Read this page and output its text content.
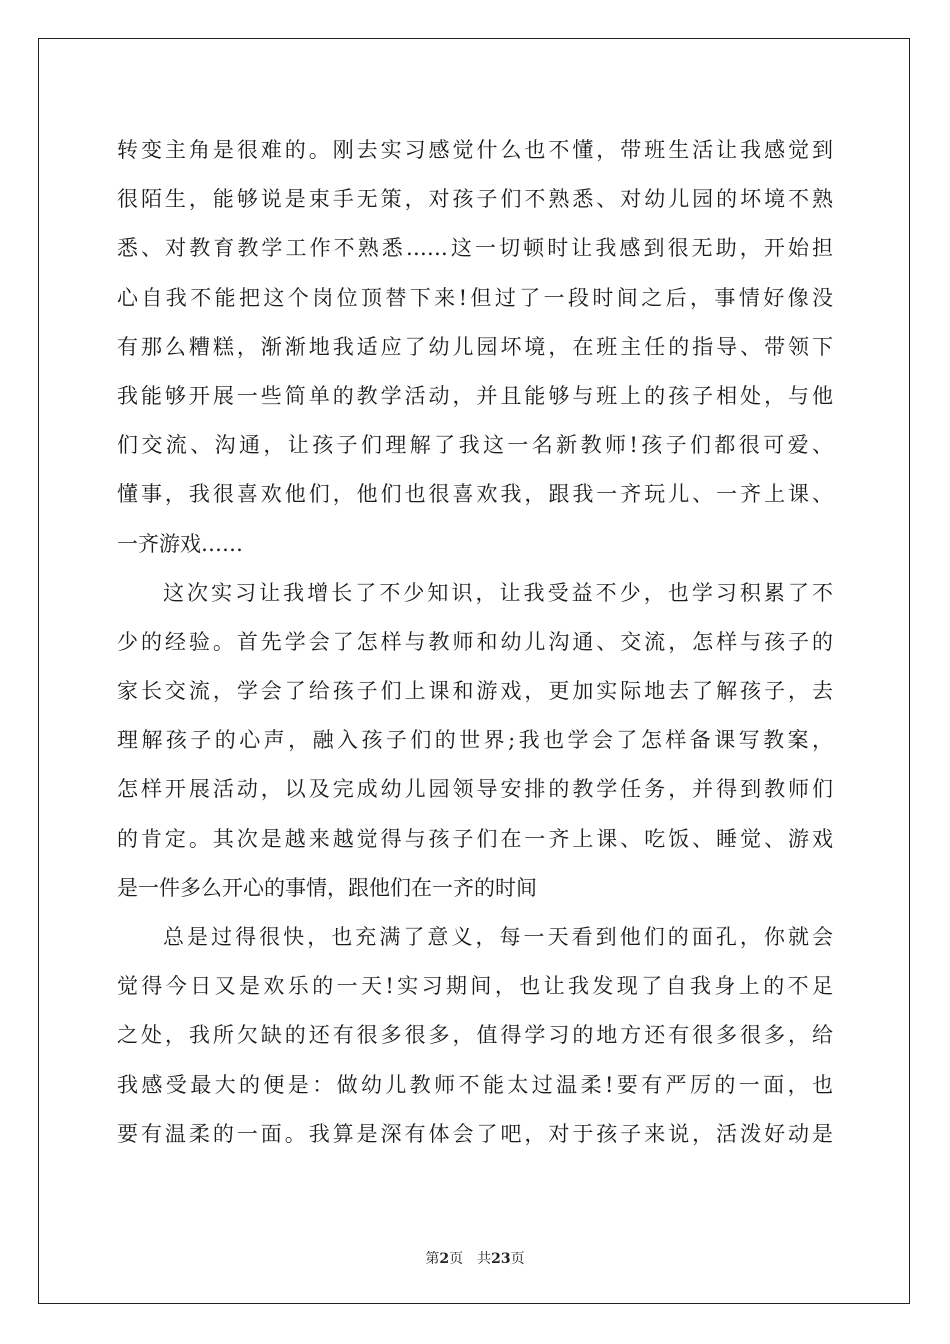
转变主角是很难的。刚去实习感觉什么也不懂，带班生活让我感觉到
很陌生，能够说是束手无策，对孩子们不熟悉、对幼儿园的坏境不熟
悉、对教育教学工作不熟悉……这一切顿时让我感到很无助，开始担
心自我不能把这个岗位顶替下来!但过了一段时间之后，事情好像没
有那么糟糕，渐渐地我适应了幼儿园坏境，在班主任的指导、带领下
我能够开展一些简单的教学活动，并且能够与班上的孩子相处，与他
们交流、沟通，让孩子们理解了我这一名新教师!孩子们都很可爱、
懂事，我很喜欢他们，他们也很喜欢我，跟我一齐玩儿、一齐上课、
一齐游戏……
这次实习让我增长了不少知识，让我受益不少，也学习积累了不
少的经验。首先学会了怎样与教师和幼儿沟通、交流，怎样与孩子的
家长交流，学会了给孩子们上课和游戏，更加实际地去了解孩子，去
理解孩子的心声，融入孩子们的世界;我也学会了怎样备课写教案，
怎样开展活动，以及完成幼儿园领导安排的教学任务，并得到教师们
的肯定。其次是越来越觉得与孩子们在一齐上课、吃饭、睡觉、游戏
是一件多么开心的事情，跟他们在一齐的时间
总是过得很快，也充满了意义，每一天看到他们的面孔，你就会
觉得今日又是欢乐的一天!实习期间，也让我发现了自我身上的不足
之处，我所欠缺的还有很多很多，值得学习的地方还有很多很多，给
我感受最大的便是：做幼儿教师不能太过温柔!要有严厉的一面，也
要有温柔的一面。我算是深有体会了吧，对于孩子来说，活泼好动是
第2页 共23页
